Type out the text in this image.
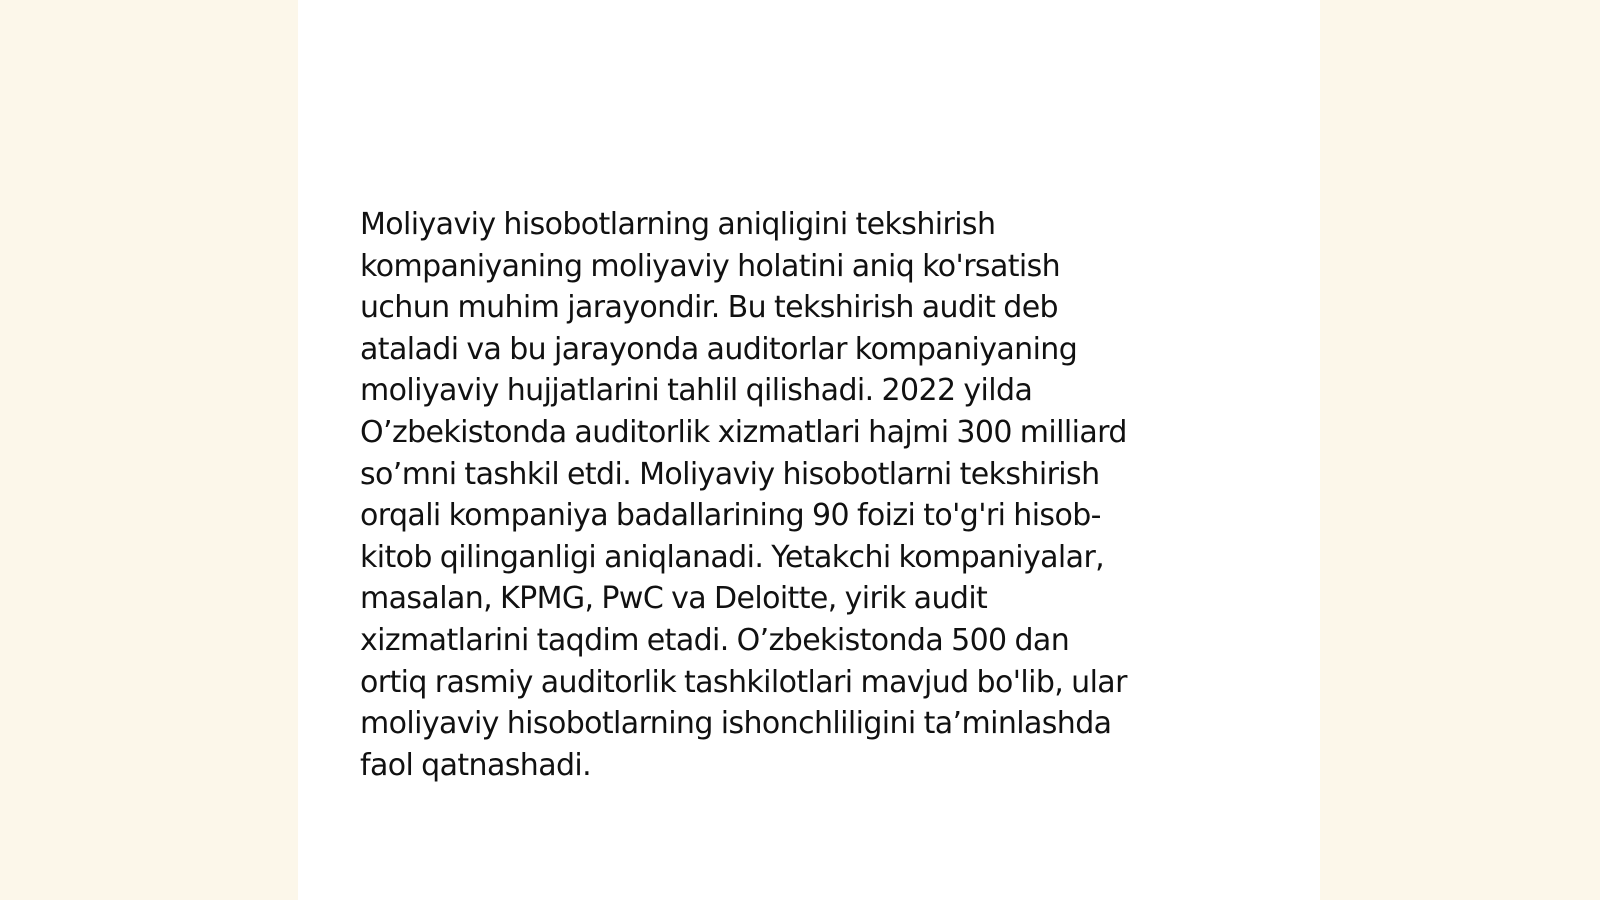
Moliyaviy hisobotlarning aniqligini tekshirish
kompaniyaning moliyaviy holatini aniq ko'rsatish
uchun muhim jarayondir. Bu tekshirish audit deb
ataladi va bu jarayonda auditorlar kompaniyaning
moliyaviy hujjatlarini tahlil qilishadi. 2022 yilda
O’zbekistonda auditorlik xizmatlari hajmi 300 milliard
so’mni tashkil etdi. Moliyaviy hisobotlarni tekshirish
orqali kompaniya badallarining 90 foizi to'g'ri hisob-
kitob qilinganligi aniqlanadi. Yetakchi kompaniyalar,
masalan, KPMG, PwC va Deloitte, yirik audit
xizmatlarini taqdim etadi. O’zbekistonda 500 dan
ortiq rasmiy auditorlik tashkilotlari mavjud bo'lib, ular
moliyaviy hisobotlarning ishonchliligini ta’minlashda
faol qatnashadi.
